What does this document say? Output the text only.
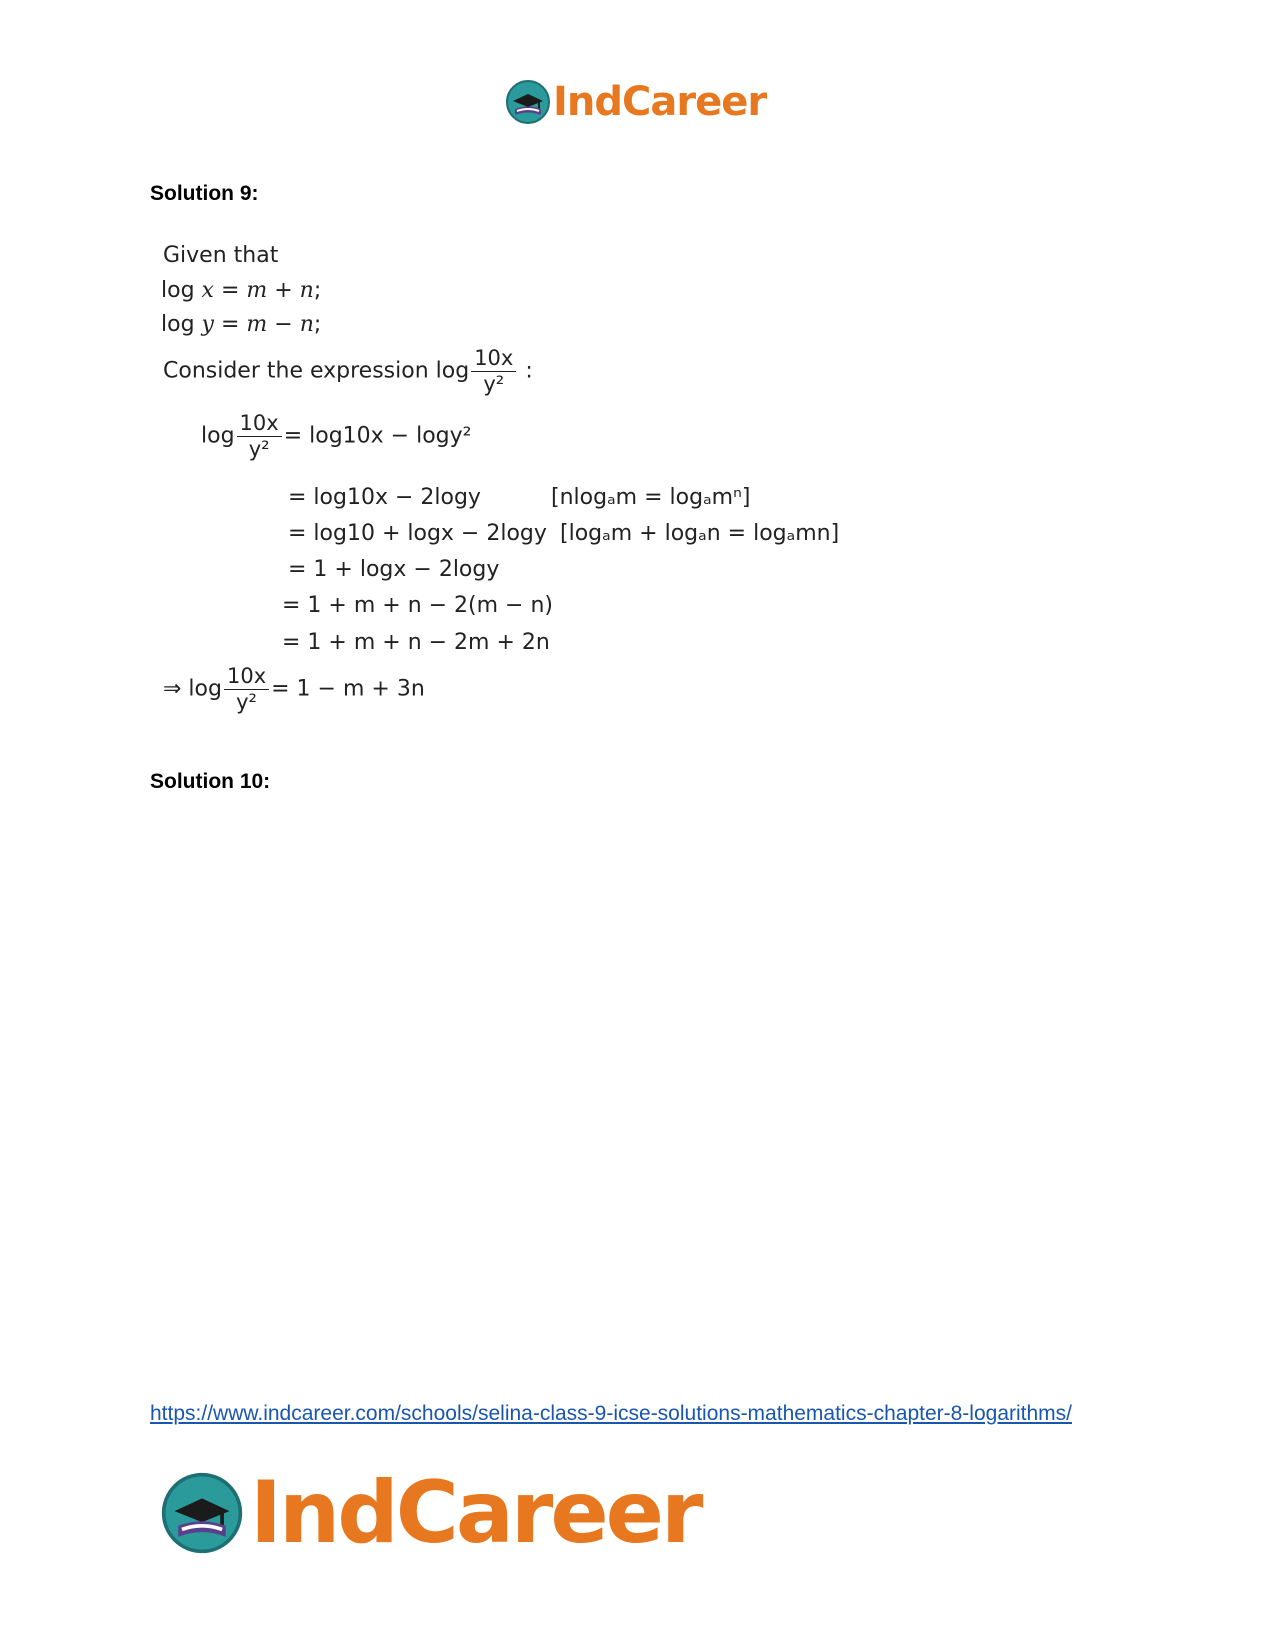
IndCareer
Solution 9:
Given that
log x = m + n;
log y = m − n;
Consider the expression $\log \frac{10x}{\text{y²}}$ :
$\log \frac{10x}{\text{y²}} = \log 10x - \log y^2$
= log10x − 2logy	[nlogₐm = logₐmⁿ]
= log10 + logx − 2logy [logₐm + logₐn = logₐmn]
= 1 + logx − 2logy
= 1 + m + n − 2(m − n)
= 1 + m + n − 2m + 2n
⇒ $\log \frac{10x}{\text{y²}} = 1 - m + 3n$
Solution 10:
https://www.indcareer.com/schools/selina-class-9-icse-solutions-mathematics-chapter-8-logarithms/
IndCareer
